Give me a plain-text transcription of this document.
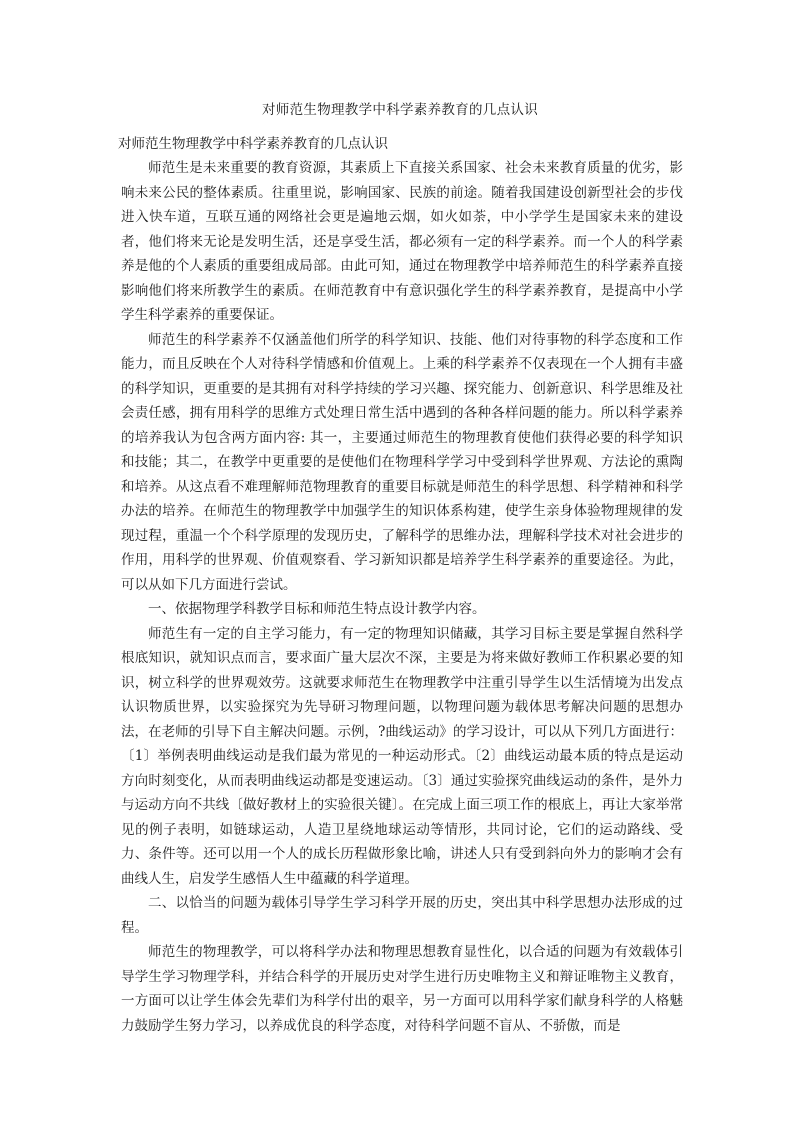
对师范生物理教学中科学素养教育的几点认识

对师范生物理教学中科学素养教育的几点认识

师范生是未来重要的教育资源，其素质上下直接关系国家、社会未来教育质量的优劣，影响未来公民的整体素质。往重里说，影响国家、民族的前途。随着我国建设创新型社会的步伐进入快车道，互联互通的网络社会更是遍地云烟，如火如荼，中小学学生是国家未来的建设者，他们将来无论是发明生活，还是享受生活，都必须有一定的科学素养。而一个人的科学素养是他的个人素质的重要组成局部。由此可知，通过在物理教学中培养师范生的科学素养直接影响他们将来所教学生的素质。在师范教育中有意识强化学生的科学素养教育，是提高中小学学生科学素养的重要保证。

师范生的科学素养不仅涵盖他们所学的科学知识、技能、他们对待事物的科学态度和工作能力，而且反映在个人对待科学情感和价值观上。上乘的科学素养不仅表现在一个人拥有丰盛的科学知识，更重要的是其拥有对科学持续的学习兴趣、探究能力、创新意识、科学思维及社会责任感，拥有用科学的思维方式处理日常生活中遇到的各种各样问题的能力。所以科学素养的培养我认为包含两方面内容: 其一，主要通过师范生的物理教育使他们获得必要的科学知识和技能；其二，在教学中更重要的是使他们在物理科学学习中受到科学世界观、方法论的熏陶和培养。从这点看不难理解师范物理教育的重要目标就是师范生的科学思想、科学精神和科学办法的培养。在师范生的物理教学中加强学生的知识体系构建，使学生亲身体验物理规律的发现过程，重温一个个科学原理的发现历史，了解科学的思维办法，理解科学技术对社会进步的作用，用科学的世界观、价值观察看、学习新知识都是培养学生科学素养的重要途径。为此，可以从如下几方面进行尝试。

一、依据物理学科教学目标和师范生特点设计教学内容。

师范生有一定的自主学习能力，有一定的物理知识储藏，其学习目标主要是掌握自然科学根底知识，就知识点而言，要求面广量大层次不深，主要是为将来做好教师工作积累必要的知识，树立科学的世界观效劳。这就要求师范生在物理教学中注重引导学生以生活情境为出发点认识物质世界，以实验探究为先导研习物理问题，以物理问题为载体思考解决问题的思想办法，在老师的引导下自主解决问题。示例，?曲线运动》的学习设计，可以从下列几方面进行：〔1〕举例表明曲线运动是我们最为常见的一种运动形式。〔2〕曲线运动最本质的特点是运动方向时刻变化，从而表明曲线运动都是变速运动。〔3〕通过实验探究曲线运动的条件，是外力与运动方向不共线〔做好教材上的实验很关键〕。在完成上面三项工作的根底上，再让大家举常见的例子表明，如链球运动，人造卫星绕地球运动等情形，共同讨论，它们的运动路线、受力、条件等。还可以用一个人的成长历程做形象比喻，讲述人只有受到斜向外力的影响才会有曲线人生，启发学生感悟人生中蕴藏的科学道理。

二、以恰当的问题为载体引导学生学习科学开展的历史，突出其中科学思想办法形成的过程。

师范生的物理教学，可以将科学办法和物理思想教育显性化，以合适的问题为有效载体引导学生学习物理学科，并结合科学的开展历史对学生进行历史唯物主义和辩证唯物主义教育，一方面可以让学生体会先辈们为科学付出的艰辛，另一方面可以用科学家们献身科学的人格魅力鼓励学生努力学习，以养成优良的科学态度，对待科学问题不盲从、不骄傲，而是
